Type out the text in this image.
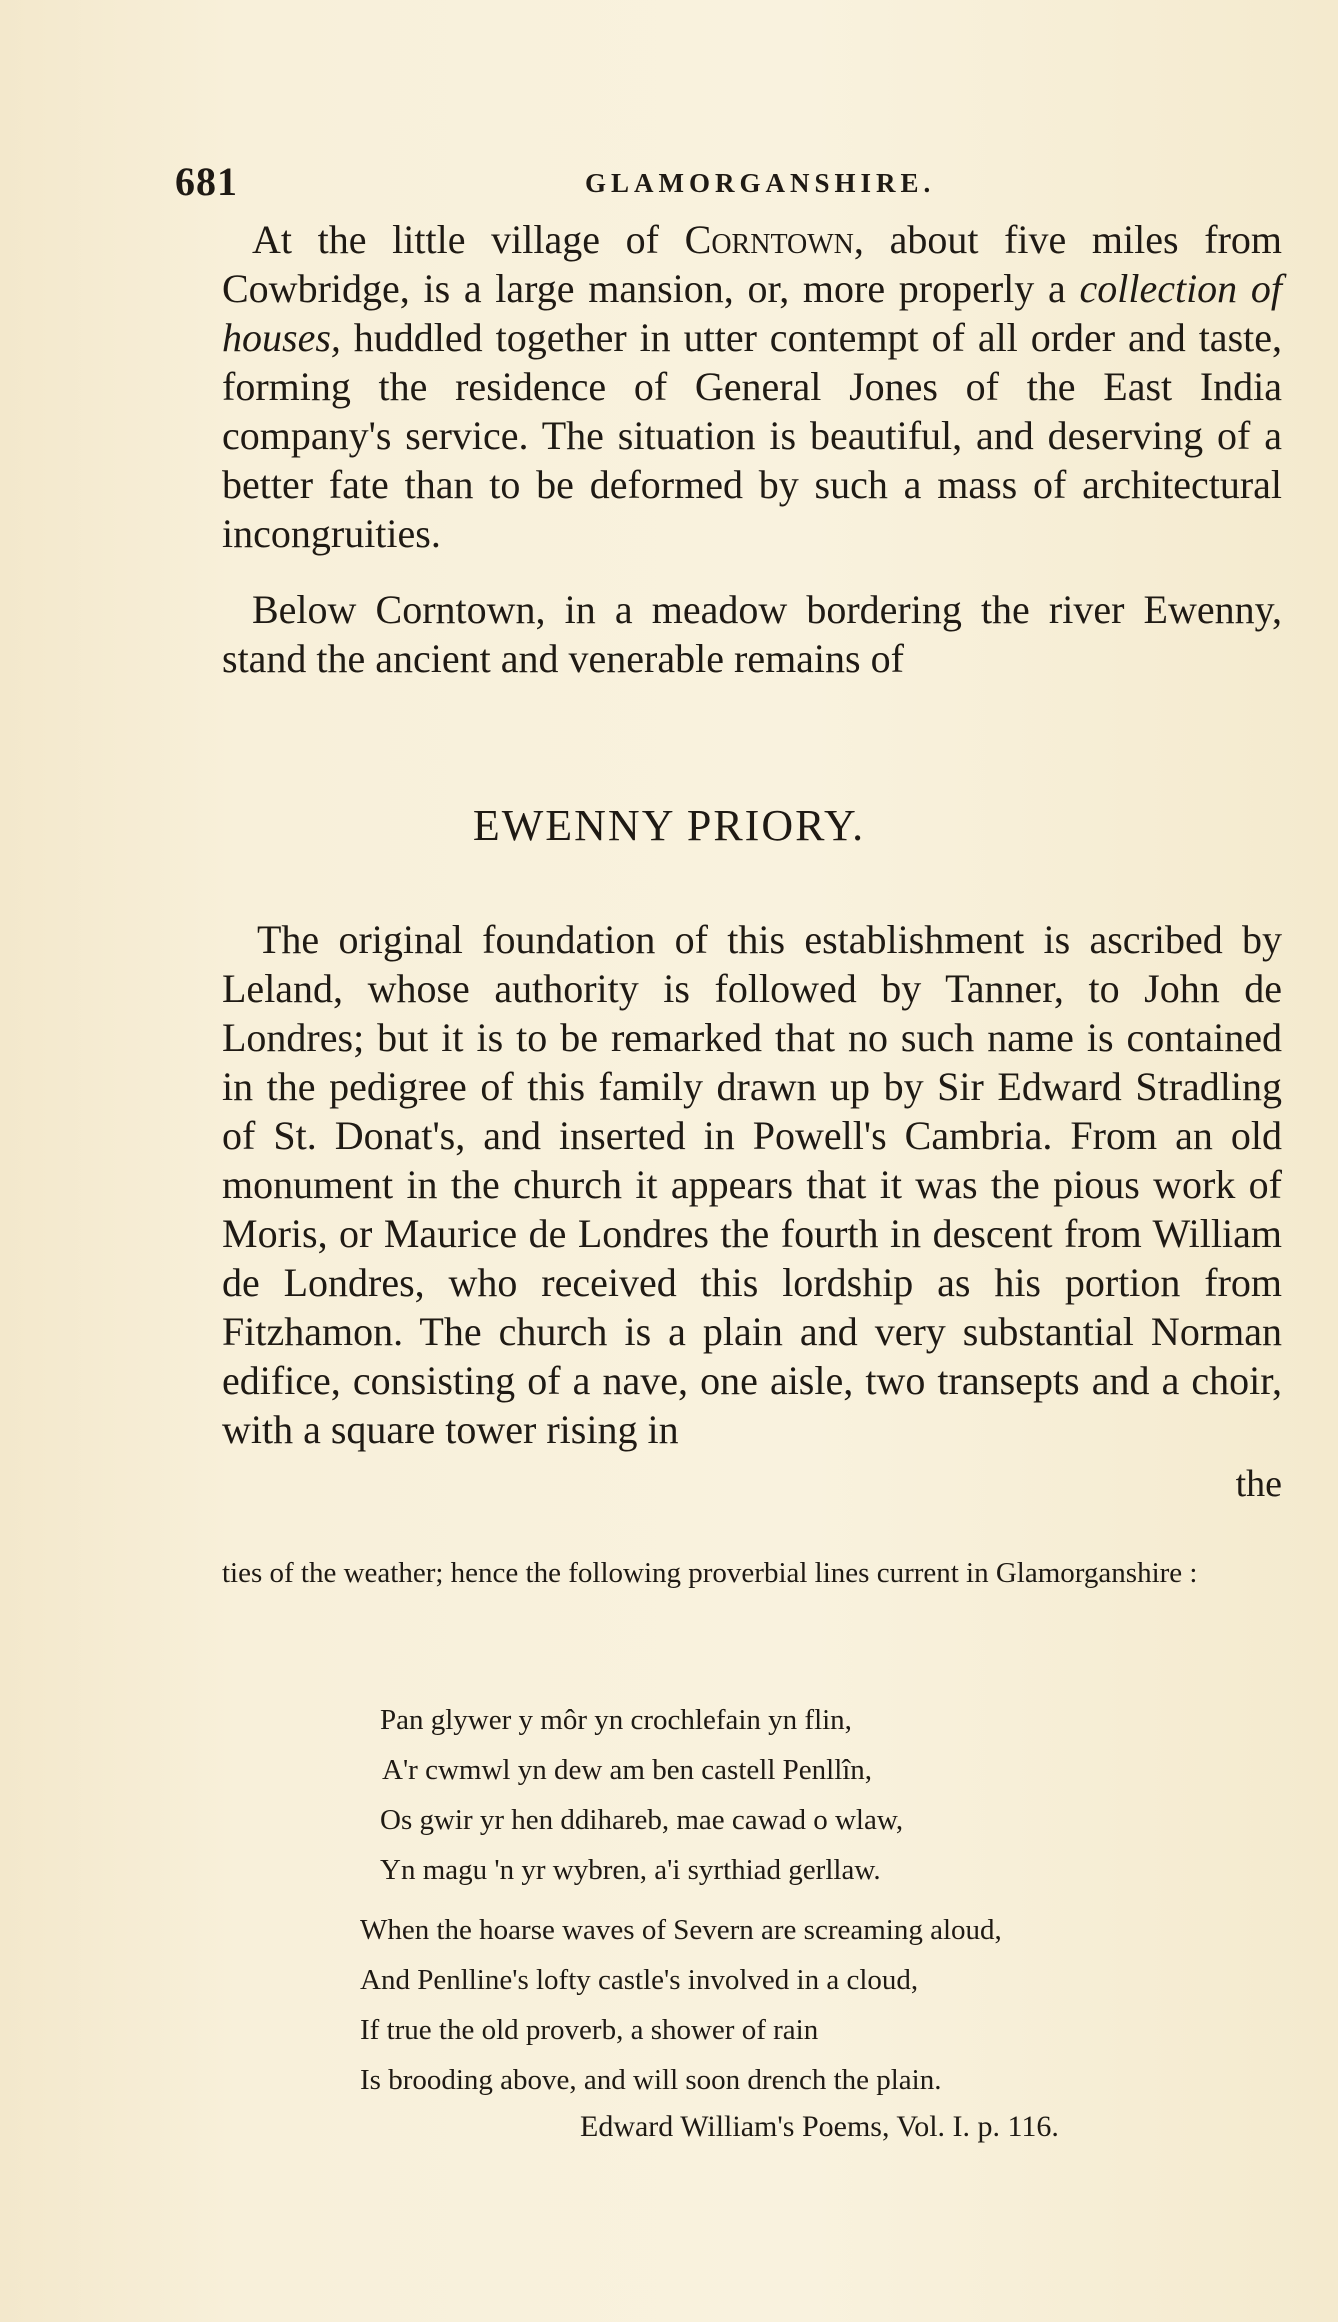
681	GLAMORGANSHIRE.

At the little village of Corntown, about five miles from Cowbridge, is a large mansion, or, more properly a collection of houses, huddled together in utter contempt of all order and taste, forming the residence of General Jones of the East India company's service. The situation is beautiful, and deserving of a better fate than to be deformed by such a mass of architectural incongruities.

Below Corntown, in a meadow bordering the river Ewenny, stand the ancient and venerable remains of

EWENNY PRIORY.

The original foundation of this establishment is ascribed by Leland, whose authority is followed by Tanner, to John de Londres; but it is to be remarked that no such name is contained in the pedigree of this family drawn up by Sir Edward Stradling of St. Donat's, and inserted in Powell's Cambria. From an old monument in the church it appears that it was the pious work of Moris, or Maurice de Londres the fourth in descent from William de Londres, who received this lordship as his portion from Fitzhamon. The church is a plain and very substantial Norman edifice, consisting of a nave, one aisle, two transepts and a choir, with a square tower rising in

the

ties of the weather; hence the following proverbial lines current in Glamorganshire :

Pan glywer y môr yn crochlefain yn flin,
A'r cwmwl yn dew am ben castell Penllîn,
Os gwir yr hen ddihareb, mae cawad o wlaw,
Yn magu 'n yr wybren, a'i syrthiad gerllaw.
When the hoarse waves of Severn are screaming aloud,
And Penlline's lofty castle's involved in a cloud,
If true the old proverb, a shower of rain
Is brooding above, and will soon drench the plain.
Edward William's Poems, Vol. I. p. 116.
